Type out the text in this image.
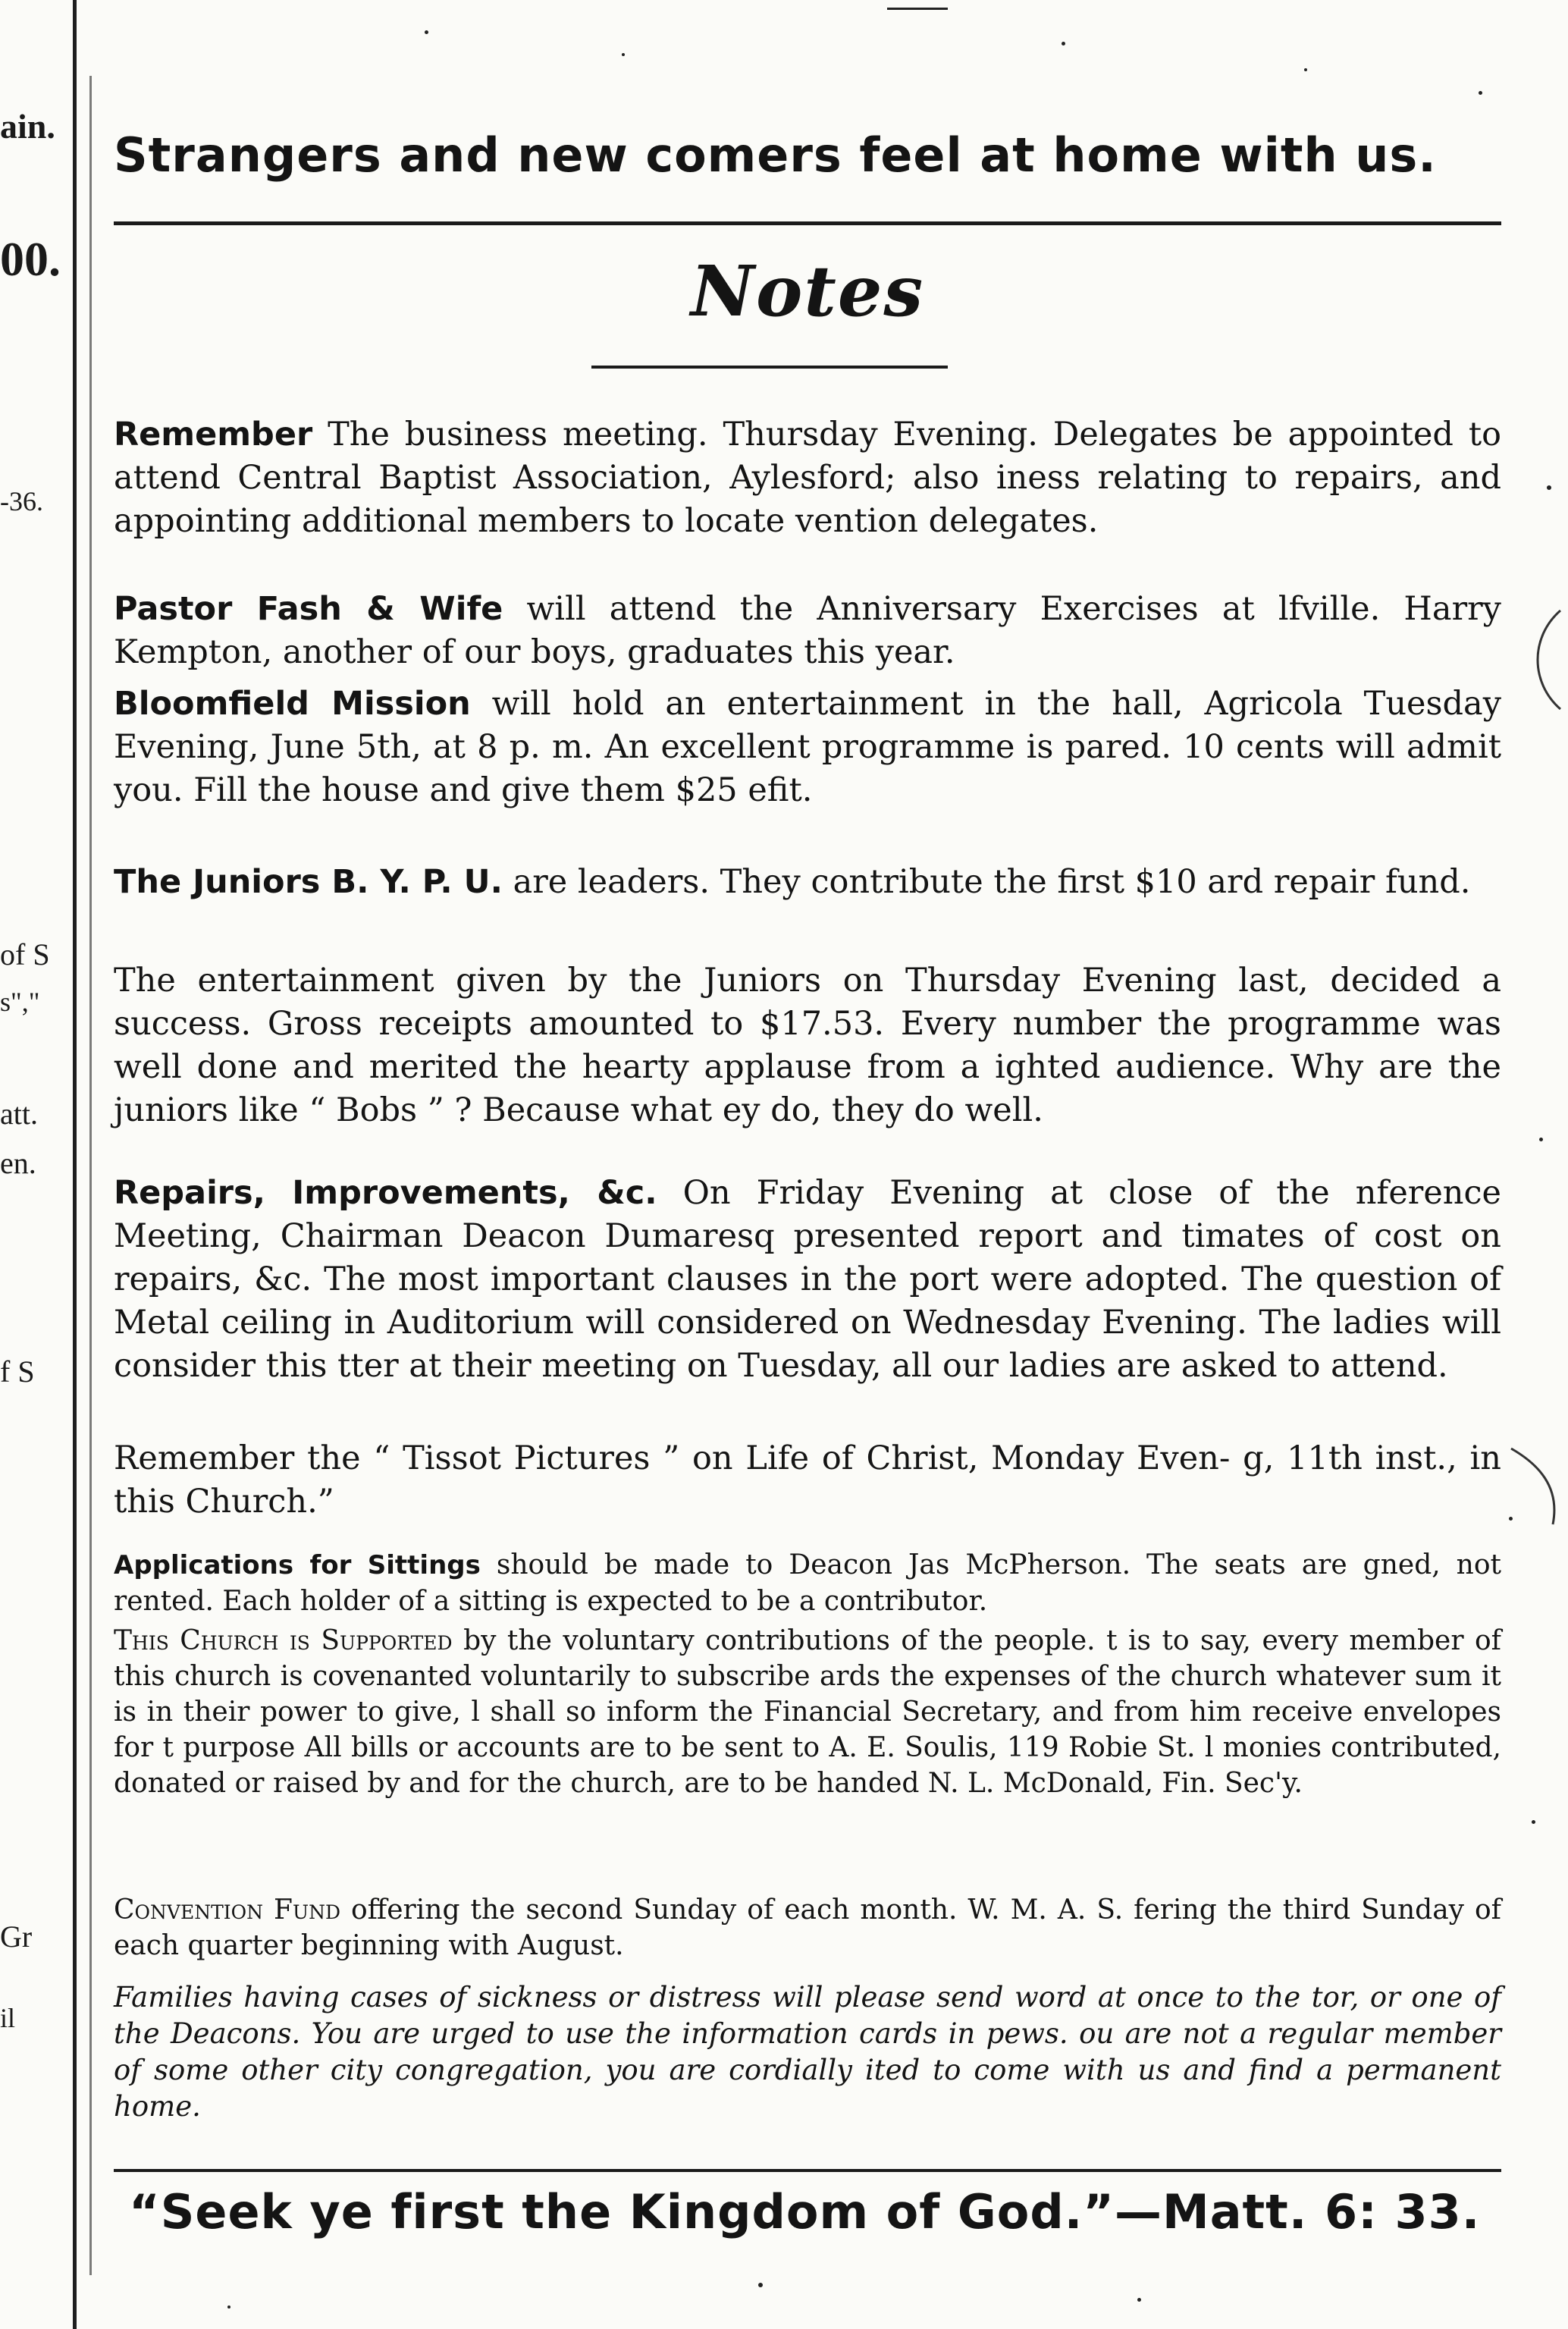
ain.
00.
-36.
of S
s","
att.
en.
f S
Gr
il
Strangers and new comers feel at home with us.
Notes
Remember The business meeting. Thursday Evening. Delegates be appointed to attend Central Baptist Association, Aylesford; also iness relating to repairs, and appointing additional members to locate vention delegates.
Pastor Fash & Wife will attend the Anniversary Exercises at lfville. Harry Kempton, another of our boys, graduates this year.
Bloomfield Mission will hold an entertainment in the hall, Agricola Tuesday Evening, June 5th, at 8 p. m. An excellent programme is pared. 10 cents will admit you. Fill the house and give them $25 efit.
The Juniors B. Y. P. U. are leaders. They contribute the first $10 ard repair fund.
The entertainment given by the Juniors on Thursday Evening last, decided a success. Gross receipts amounted to $17.53. Every number the programme was well done and merited the hearty applause from a ighted audience. Why are the juniors like “ Bobs ” ? Because what ey do, they do well.
Repairs, Improvements, &c. On Friday Evening at close of the nference Meeting, Chairman Deacon Dumaresq presented report and timates of cost on repairs, &c. The most important clauses in the port were adopted. The question of Metal ceiling in Auditorium will considered on Wednesday Evening. The ladies will consider this tter at their meeting on Tuesday, all our ladies are asked to attend.
Remember the “ Tissot Pictures ” on Life of Christ, Monday Even- g, 11th inst., in this Church.”
Applications for Sittings should be made to Deacon Jas McPherson. The seats are gned, not rented. Each holder of a sitting is expected to be a contributor.
This Church is Supported by the voluntary contributions of the people. t is to say, every member of this church is covenanted voluntarily to subscribe ards the expenses of the church whatever sum it is in their power to give, l shall so inform the Financial Secretary, and from him receive envelopes for t purpose All bills or accounts are to be sent to A. E. Soulis, 119 Robie St. l monies contributed, donated or raised by and for the church, are to be handed N. L. McDonald, Fin. Sec'y.
Convention Fund offering the second Sunday of each month. W. M. A. S. fering the third Sunday of each quarter beginning with August.
Families having cases of sickness or distress will please send word at once to the tor, or one of the Deacons. You are urged to use the information cards in pews. ou are not a regular member of some other city congregation, you are cordially ited to come with us and find a permanent home.
“Seek ye first the Kingdom of God.”—Matt. 6: 33.
